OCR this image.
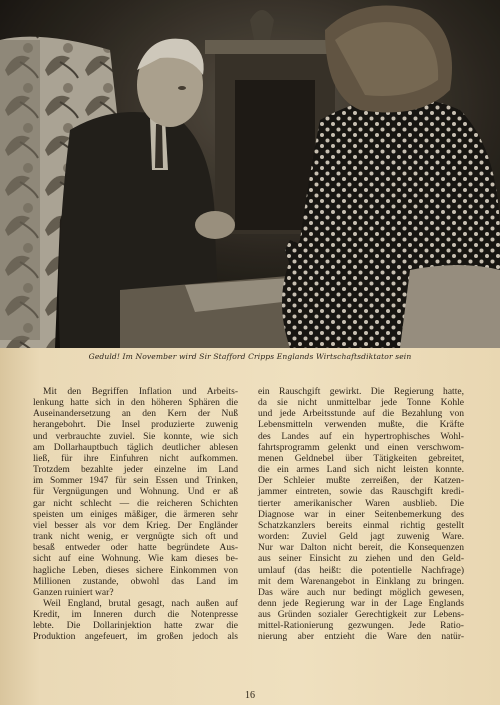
Geduld! Im November wird Sir Stafford Cripps Englands Wirtschaftsdiktator sein
Mit den Begriffen Inflation und Arbeits-
lenkung hatte sich in den höheren Sphären die
Auseinandersetzung an den Kern der Nuß
herangebohrt. Die Insel produzierte zuwenig
und verbrauchte zuviel. Sie konnte, wie sich
am Dollarhauptbuch täglich deutlicher ablesen
ließ, für ihre Einfuhren nicht aufkommen.
Trotzdem bezahlte jeder einzelne im Land
im Sommer 1947 für sein Essen und Trinken,
für Vergnügungen und Wohnung. Und er aß
gar nicht schlecht — die reicheren Schichten
speisten um einiges mäßiger, die ärmeren sehr
viel besser als vor dem Krieg. Der Engländer
trank nicht wenig, er vergnügte sich oft und
besaß entweder oder hatte begründete Aus-
sicht auf eine Wohnung. Wie kam dieses be-
hagliche Leben, dieses sichere Einkommen von
Millionen zustande, obwohl das Land im
Ganzen ruiniert war?
Weil England, brutal gesagt, nach außen auf
Kredit, im Inneren durch die Notenpresse
lebte. Die Dollarinjektion hatte zwar die
Produktion angefeuert, im großen jedoch als
ein Rauschgift gewirkt. Die Regierung hatte,
da sie nicht unmittelbar jede Tonne Kohle
und jede Arbeitsstunde auf die Bezahlung von
Lebensmitteln verwenden mußte, die Kräfte
des Landes auf ein hypertrophisches Wohl-
fahrtsprogramm gelenkt und einen verschwom-
menen Geldnebel über Tätigkeiten gebreitet,
die ein armes Land sich nicht leisten konnte.
Der Schleier mußte zerreißen, der Katzen-
jammer eintreten, sowie das Rauschgift kredi-
tierter amerikanischer Waren ausblieb. Die
Diagnose war in einer Seitenbemerkung des
Schatzkanzlers bereits einmal richtig gestellt
worden: Zuviel Geld jagt zuwenig Ware.
Nur war Dalton nicht bereit, die Konsequenzen
aus seiner Einsicht zu ziehen und den Geld-
umlauf (das heißt: die potentielle Nachfrage)
mit dem Warenangebot in Einklang zu bringen.
Das wäre auch nur bedingt möglich gewesen,
denn jede Regierung war in der Lage Englands
aus Gründen sozialer Gerechtigkeit zur Lebens-
mittel-Rationierung gezwungen. Jede Ratio-
nierung aber entzieht die Ware den natür-
16
